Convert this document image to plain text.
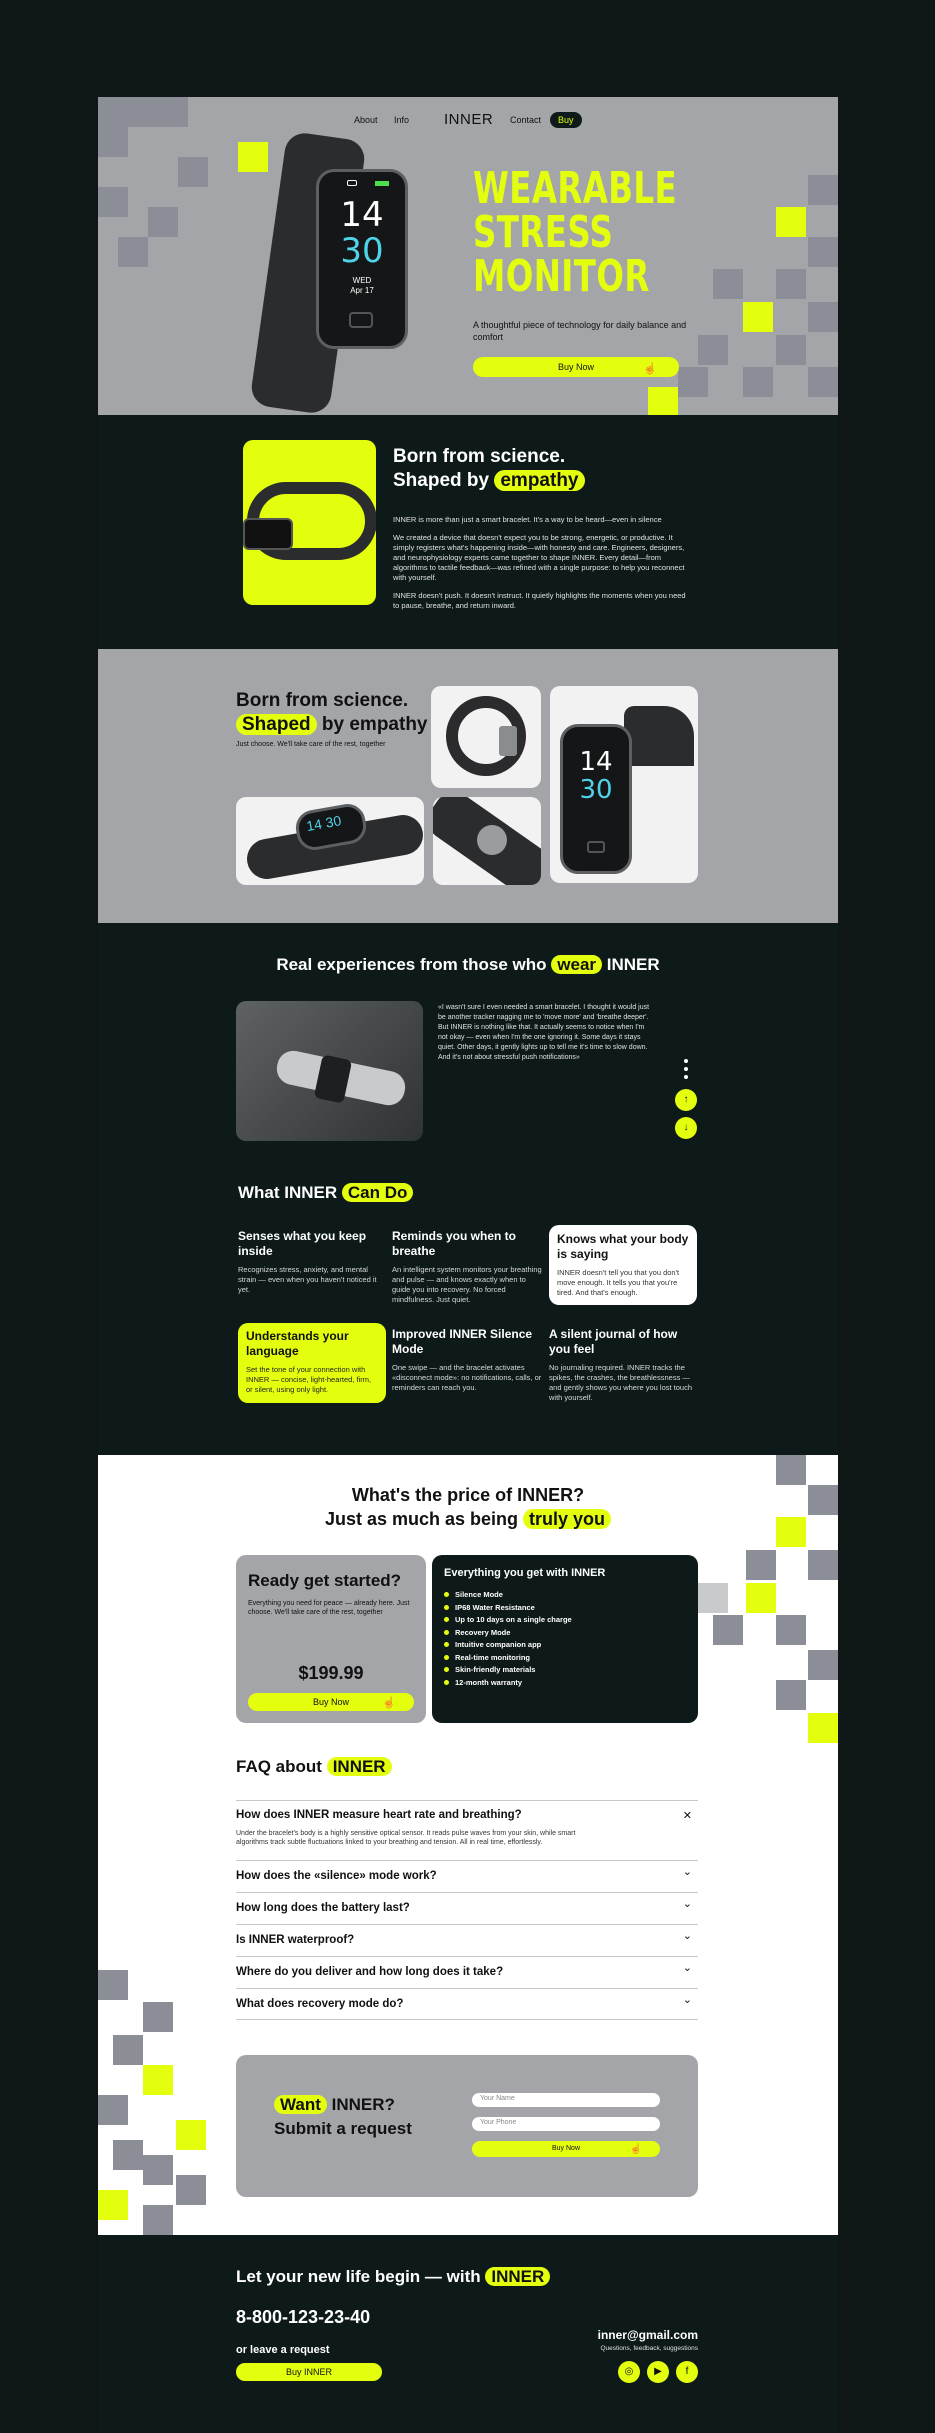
About Info INNER Contact	Buy
14
30
WED
Apr 17
WEARABLE
STRESS
MONITOR

A thoughtful piece of technology for daily balance and comfort

Buy Now	☝
Born from science.
Shaped by empathy

INNER is more than just a smart bracelet. It's a way to be heard—even in silence

We created a device that doesn't expect you to be strong, energetic, or productive. It simply registers what's happening inside—with honesty and care. Engineers, designers, and neurophysiology experts came together to shape INNER. Every detail—from algorithms to tactile feedback—was refined with a single purpose: to help you reconnect with yourself.

INNER doesn't push. It doesn't instruct. It quietly highlights the moments when you need to pause, breathe, and return inward.

Born from science.
Shaped by empathy
Just choose. We'll take care of the rest, together
14
30
14 30
Real experiences from those who wear INNER
«I wasn't sure I even needed a smart bracelet. I thought it would just be another tracker nagging me to 'move more' and 'breathe deeper'. But INNER is nothing like that. It actually seems to notice when I'm not okay — even when I'm the one ignoring it. Some days it stays quiet. Other days, it gently lights up to tell me it's time to slow down. And it's not about stressful push notifications»
↑
↓
What INNER Can Do
Senses what you keep inside
Recognizes stress, anxiety, and mental strain — even when you haven't noticed it yet.
Reminds you when to breathe
An intelligent system monitors your breathing and pulse — and knows exactly when to guide you into recovery. No forced mindfulness. Just quiet.
Knows what your body is saying
INNER doesn't tell you that you don't move enough. It tells you that you're tired. And that's enough.
Understands your language
Set the tone of your connection with INNER — concise, light-hearted, firm, or silent, using only light.
Improved INNER Silence Mode
One swipe — and the bracelet activates «disconnect mode»: no notifications, calls, or reminders can reach you.
A silent journal of how you feel
No journaling required. INNER tracks the spikes, the crashes, the breathlessness — and gently shows you where you lost touch with yourself.
What's the price of INNER?
Just as much as being truly you
Ready get started?
Everything you need for peace — already here. Just choose. We'll take care of the rest, together
$199.99
Buy Now	☝
Everything you get with INNER
Silence Mode
IP68 Water Resistance
Up to 10 days on a single charge
Recovery Mode
Intuitive companion app
Real-time monitoring
Skin-friendly materials
12-month warranty
FAQ about INNER
How does INNER measure heart rate and breathing?
Under the bracelet's body is a highly sensitive optical sensor. It reads pulse waves from your skin, while smart algorithms track subtle fluctuations linked to your breathing and tension. All in real time, effortlessly.
✕
How does the «silence» mode work?	⌄
How long does the battery last?	⌄
Is INNER waterproof?	⌄
Where do you deliver and how long does it take?	⌄
What does recovery mode do?	⌄
Want INNER?
Submit a request
Your Name
Your Phone
Buy Now	☝
Let your new life begin — with INNER
8-800-123-23-40
or leave a request
Buy INNER
inner@gmail.com
Questions, feedback, suggestions
◎	▶	f
